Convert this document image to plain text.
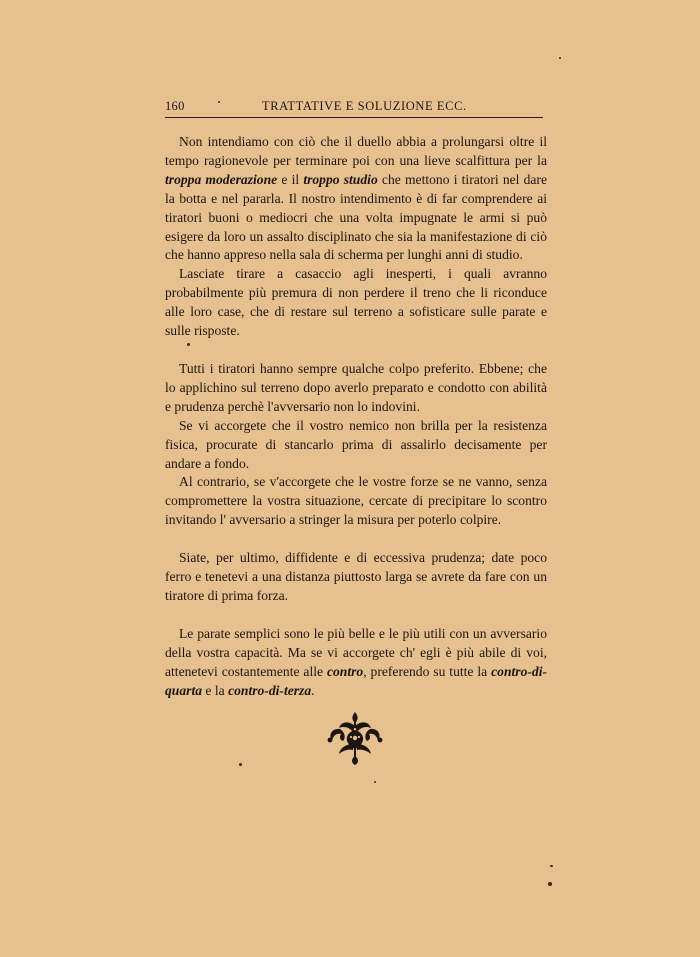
160	TRATTATIVE E SOLUZIONE ECC.

Non intendiamo con ciò che il duello abbia a prolungarsi oltre il tempo ragionevole per terminare poi con una lieve scalfittura per la troppa moderazione e il troppo studio che mettono i tiratori nel dare la botta e nel pararla. Il nostro intendimento è di far comprendere ai tiratori buoni o mediocri che una volta impugnate le armi si può esigere da loro un assalto disciplinato che sia la manifestazione di ciò che hanno appreso nella sala di scherma per lunghi anni di studio.

Lasciate tirare a casaccio agli inesperti, i quali avranno probabilmente più premura di non perdere il treno che li riconduce alle loro case, che di restare sul terreno a sofisticare sulle parate e sulle risposte.

Tutti i tiratori hanno sempre qualche colpo preferito. Ebbene; che lo applichino sul terreno dopo averlo preparato e condotto con abilità e prudenza perchè l'avversario non lo indovini.

Se vi accorgete che il vostro nemico non brilla per la resistenza fisica, procurate di stancarlo prima di assalirlo decisamente per andare a fondo.

Al contrario, se v'accorgete che le vostre forze se ne vanno, senza compromettere la vostra situazione, cercate di precipitare lo scontro invitando l' avversario a stringer la misura per poterlo colpire.

Siate, per ultimo, diffidente e di eccessiva prudenza; date poco ferro e tenetevi a una distanza piuttosto larga se avrete da fare con un tiratore di prima forza.

Le parate semplici sono le più belle e le più utili con un avversario della vostra capacità. Ma se vi accorgete ch' egli è più abile di voi, attenetevi costantemente alle contro, preferendo su tutte la contro-di-quarta e la contro-di-terza.
